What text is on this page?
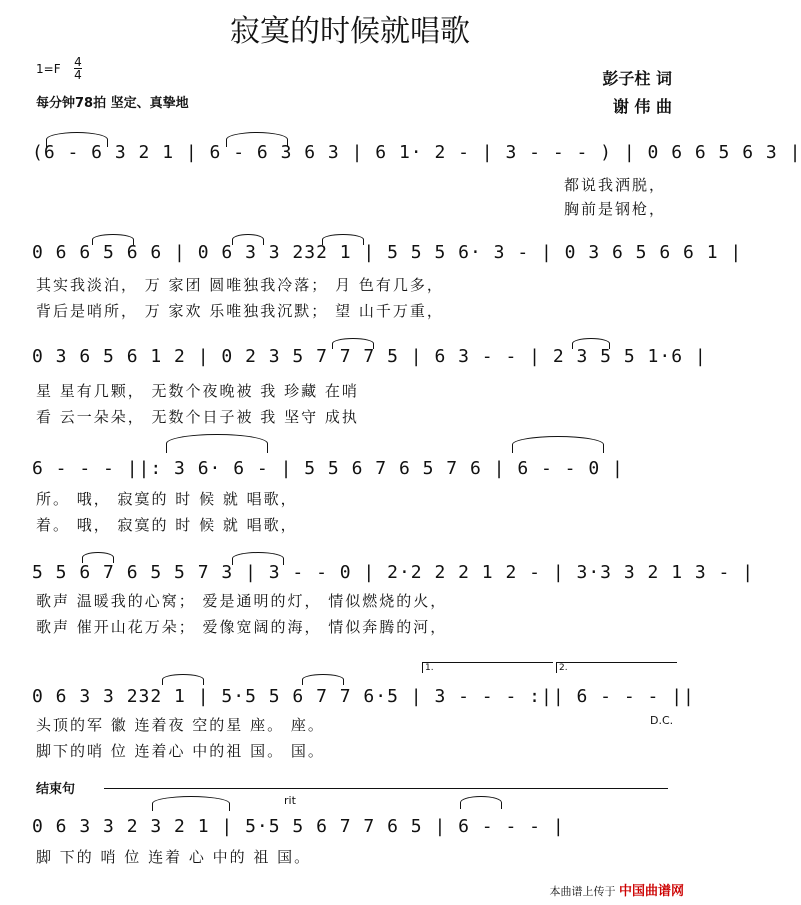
寂寞的时候就唱歌
1=F 4
4
每分钟78拍 坚定、真挚地
彭子柱 词
谢 伟 曲
(6 - 6 3 2 1 | 6 - 6 3 6 3 | 6 1· 2 - | 3 - - - ) | 0 6 6 5 6 3 |
都说我洒脱，
胸前是钢枪，
0 6 6 5 6 6 | 0 6 3 3 232 1 | 5 5 5 6· 3 - | 0 3 6 5 6 6 1 |
其实我淡泊， 万 家团 圆唯独我冷落； 月 色有几多，
背后是哨所， 万 家欢 乐唯独我沉默； 望 山千万重，
0 3 6 5 6 1 2 | 0 2 3 5 7 7 7 5 | 6 3 - - | 2 3 5 5 1·6 |
星 星有几颗， 无数个夜晚被 我 珍藏 在哨
看 云一朵朵， 无数个日子被 我 坚守 成执
6 - - - ||: 3 6· 6 - | 5 5 6 7 6 5 7 6 | 6 - - 0 |
所。 哦， 寂寞的 时 候 就 唱歌，
着。 哦， 寂寞的 时 候 就 唱歌，
5 5 6 7 6 5 5 7 3 | 3 - - 0 | 2·2 2 2 1 2 - | 3·3 3 2 1 3 - |
歌声 温暖我的心窝； 爱是通明的灯， 情似燃烧的火，
歌声 催开山花万朵； 爱像宽阔的海， 情似奔腾的河，
1.	2.
0 6 3 3 232 1 | 5·5 5 6 7 7 6·5 | 3 - - - :|| 6 - - - ||
D.C.
头顶的军 徽 连着夜 空的星 座。 座。
脚下的哨 位 连着心 中的祖 国。 国。
结束句
rit
0 6 3 3 2 3 2 1 | 5·5 5 6 7 7 6 5 | 6 - - - |
脚 下的 哨 位 连着 心 中的 祖 国。
本曲谱上传于 中国曲谱网
